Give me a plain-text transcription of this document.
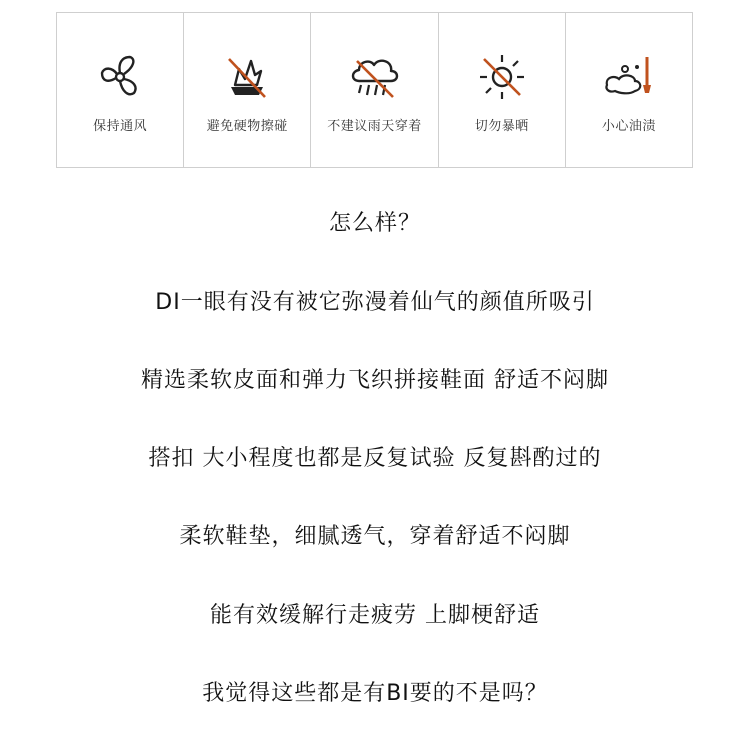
保持通风	避免硬物擦碰	不建议雨天穿着	切勿暴晒	小心油渍
怎么样？
DI一眼有没有被它弥漫着仙气的颜值所吸引
精选柔软皮面和弹力飞织拼接鞋面 舒适不闷脚
搭扣 大小程度也都是反复试验 反复斟酌过的
柔软鞋垫，细腻透气，穿着舒适不闷脚
能有效缓解行走疲劳 上脚梗舒适
我觉得这些都是有BI要的不是吗？
